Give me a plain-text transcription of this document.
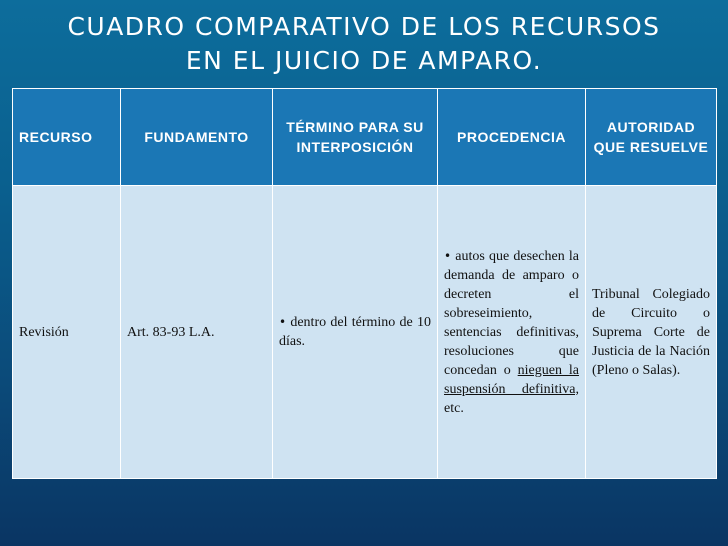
CUADRO COMPARATIVO DE LOS RECURSOS
EN EL JUICIO DE AMPARO.
RECURSO	FUNDAMENTO	TÉRMINO PARA SU INTERPOSICIÓN	PROCEDENCIA	AUTORIDAD QUE RESUELVE
Revisión	Art. 83-93 L.A.	• dentro del término de 10 días.	• autos que desechen la demanda de amparo o decreten el sobreseimiento, sentencias definitivas, resoluciones que concedan o nieguen la suspensión definitiva, etc.	Tribunal Colegiado de Circuito o Suprema Corte de Justicia de la Nación (Pleno o Salas).
